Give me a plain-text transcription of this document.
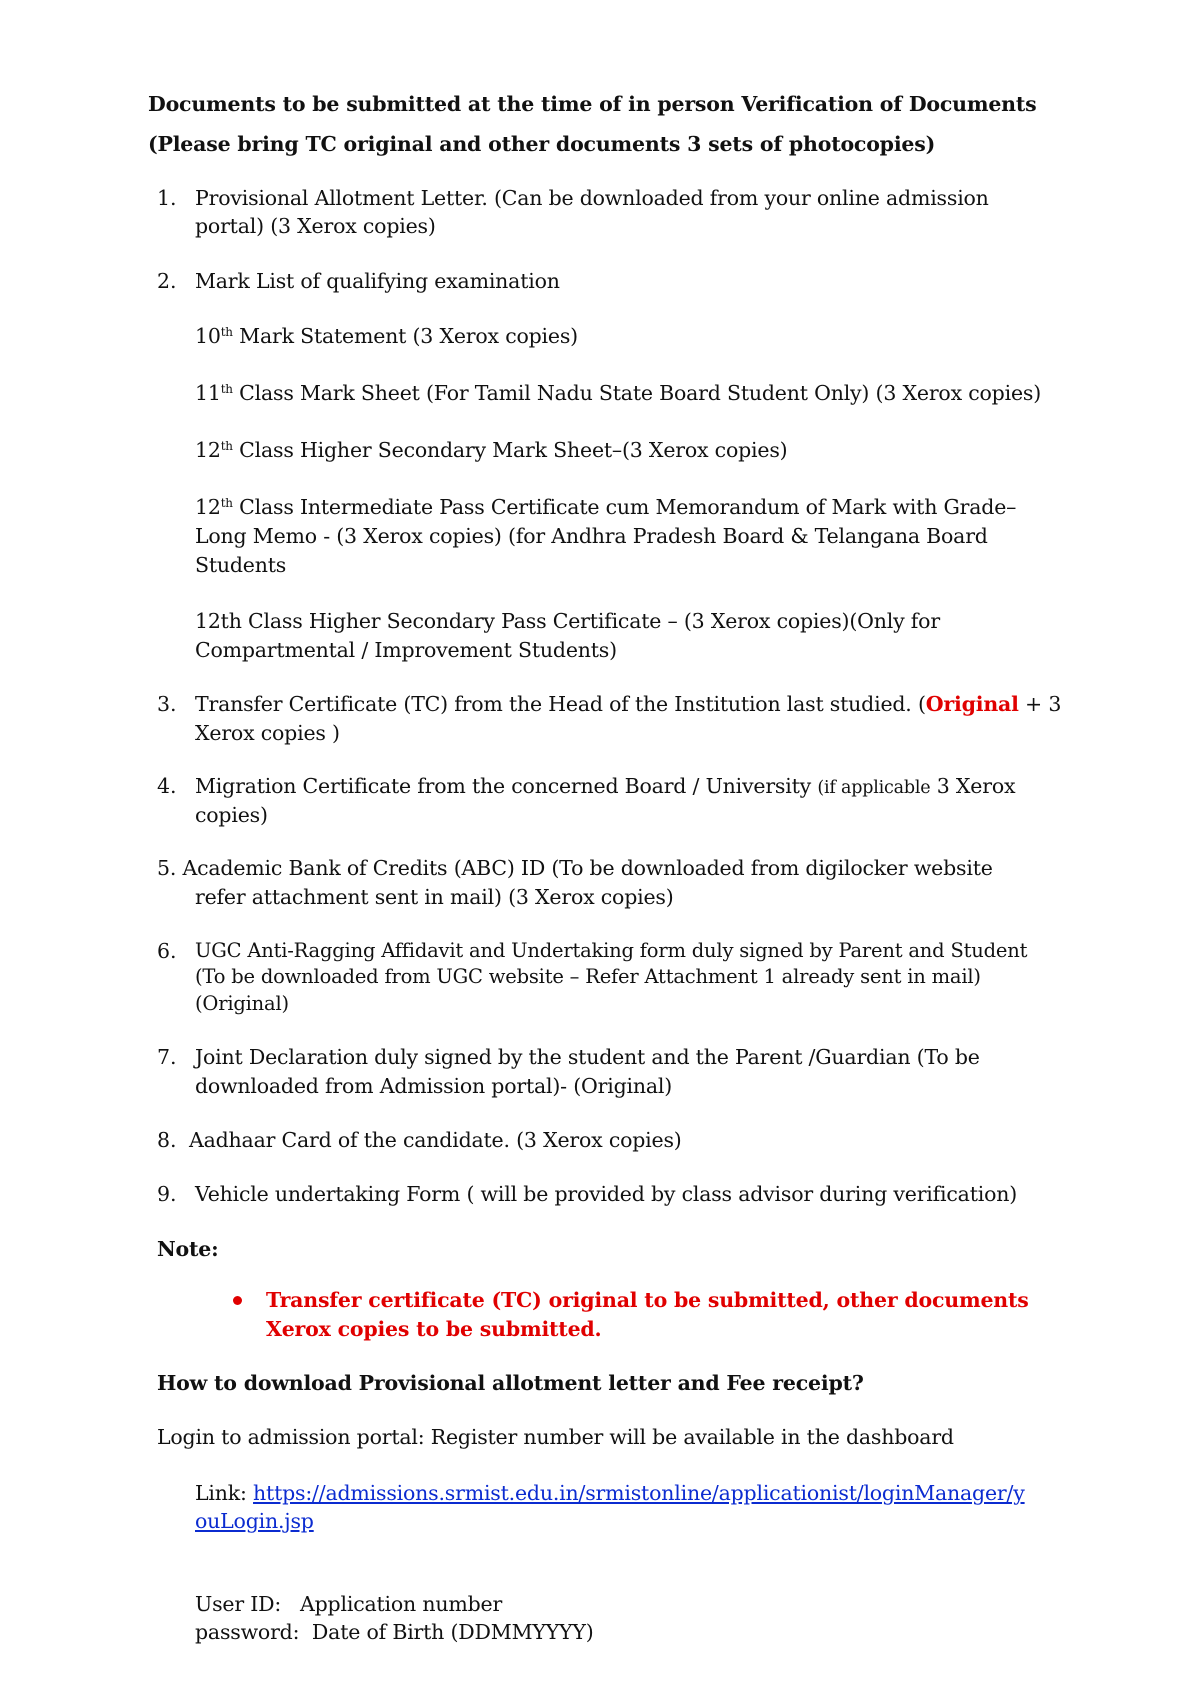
Documents to be submitted at the time of in person Verification of Documents
(Please bring TC original and other documents 3 sets of photocopies)
1. Provisional Allotment Letter. (Can be downloaded from your online admission
portal) (3 Xerox copies)
2. Mark List of qualifying examination
10th Mark Statement (3 Xerox copies)
11th Class Mark Sheet (For Tamil Nadu State Board Student Only) (3 Xerox copies)
12th Class Higher Secondary Mark Sheet–(3 Xerox copies)
12th Class Intermediate Pass Certificate cum Memorandum of Mark with Grade–
Long Memo - (3 Xerox copies) (for Andhra Pradesh Board & Telangana Board
Students
12th Class Higher Secondary Pass Certificate – (3 Xerox copies)(Only for
Compartmental / Improvement Students)
3. Transfer Certificate (TC) from the Head of the Institution last studied. (Original + 3
Xerox copies )
4. Migration Certificate from the concerned Board / University (if applicable 3 Xerox
copies)
5. Academic Bank of Credits (ABC) ID (To be downloaded from digilocker website
refer attachment sent in mail) (3 Xerox copies)
6. UGC Anti-Ragging Affidavit and Undertaking form duly signed by Parent and Student
(To be downloaded from UGC website – Refer Attachment 1 already sent in mail)
(Original)
7. Joint Declaration duly signed by the student and the Parent /Guardian (To be
downloaded from Admission portal)- (Original)
8. Aadhaar Card of the candidate. (3 Xerox copies)
9. Vehicle undertaking Form ( will be provided by class advisor during verification)
Note:
Transfer certificate (TC) original to be submitted, other documents
Xerox copies to be submitted.
How to download Provisional allotment letter and Fee receipt?
Login to admission portal: Register number will be available in the dashboard
Link: https://admissions.srmist.edu.in/srmistonline/applicationist/loginManager/y
ouLogin.jsp
User ID:   Application number
password:  Date of Birth (DDMMYYYY)
